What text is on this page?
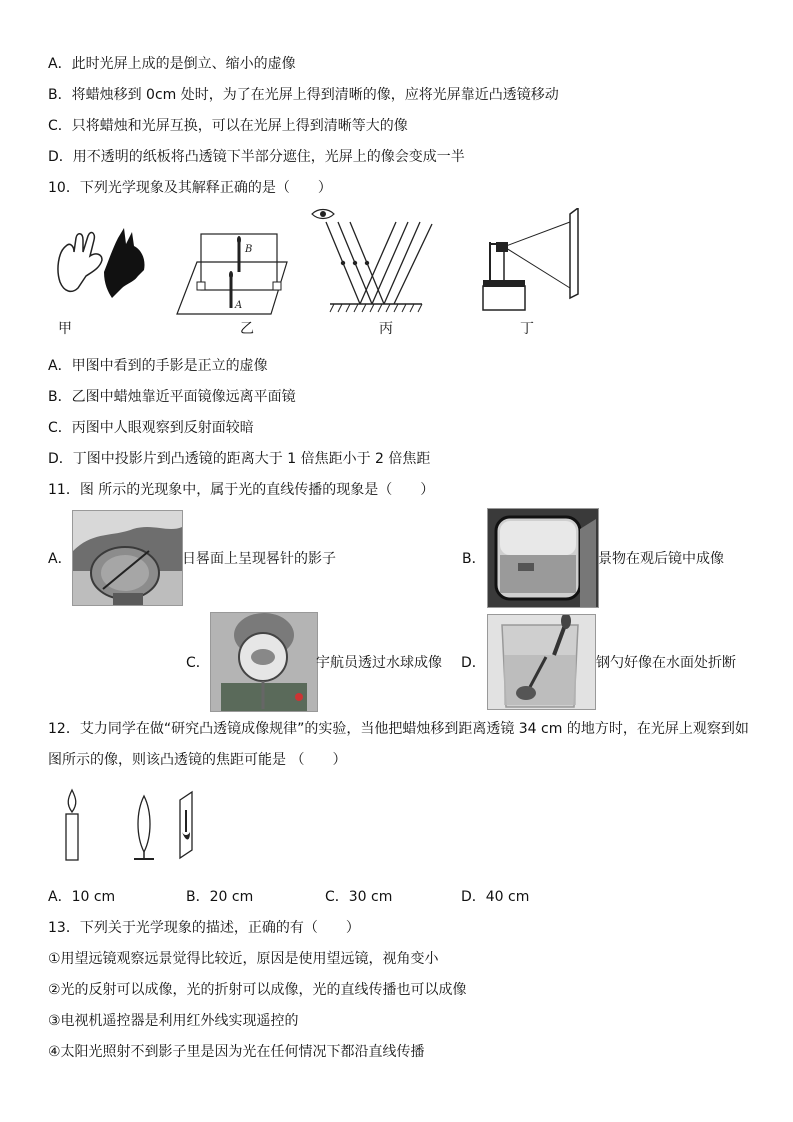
A．此时光屏上成的是倒立、缩小的虚像
B．将蜡烛移到 0cm 处时，为了在光屏上得到清晰的像，应将光屏靠近凸透镜移动
C．只将蜡烛和光屏互换，可以在光屏上得到清晰等大的像
D．用不透明的纸板将凸透镜下半部分遮住，光屏上的像会变成一半
10．下列光学现象及其解释正确的是（　　）
甲
B
A
乙	丙	丁
A．甲图中看到的手影是正立的虚像
B．乙图中蜡烛靠近平面镜像远离平面镜
C．丙图中人眼观察到反射面较暗
D．丁图中投影片到凸透镜的距离大于 1 倍焦距小于 2 倍焦距
11．图 所示的光现象中，属于光的直线传播的现象是（　　）
A．	日晷面上呈现晷针的影子	B．	景物在观后镜中成像
C．	宇航员透过水球成像 D．	钢勺好像在水面处折断
12．艾力同学在做“研究凸透镜成像规律”的实验，当他把蜡烛移到距离透镜 34 cm 的地方时，在光屏上观察到如
图所示的像，则该凸透镜的焦距可能是 （　　）
A．10 cm	B．20 cm	C．30 cm	D．40 cm
13．下列关于光学现象的描述，正确的有（　　）
①用望远镜观察远景觉得比较近，原因是使用望远镜，视角变小
②光的反射可以成像，光的折射可以成像，光的直线传播也可以成像
③电视机遥控器是利用红外线实现遥控的
④太阳光照射不到影子里是因为光在任何情况下都沿直线传播
